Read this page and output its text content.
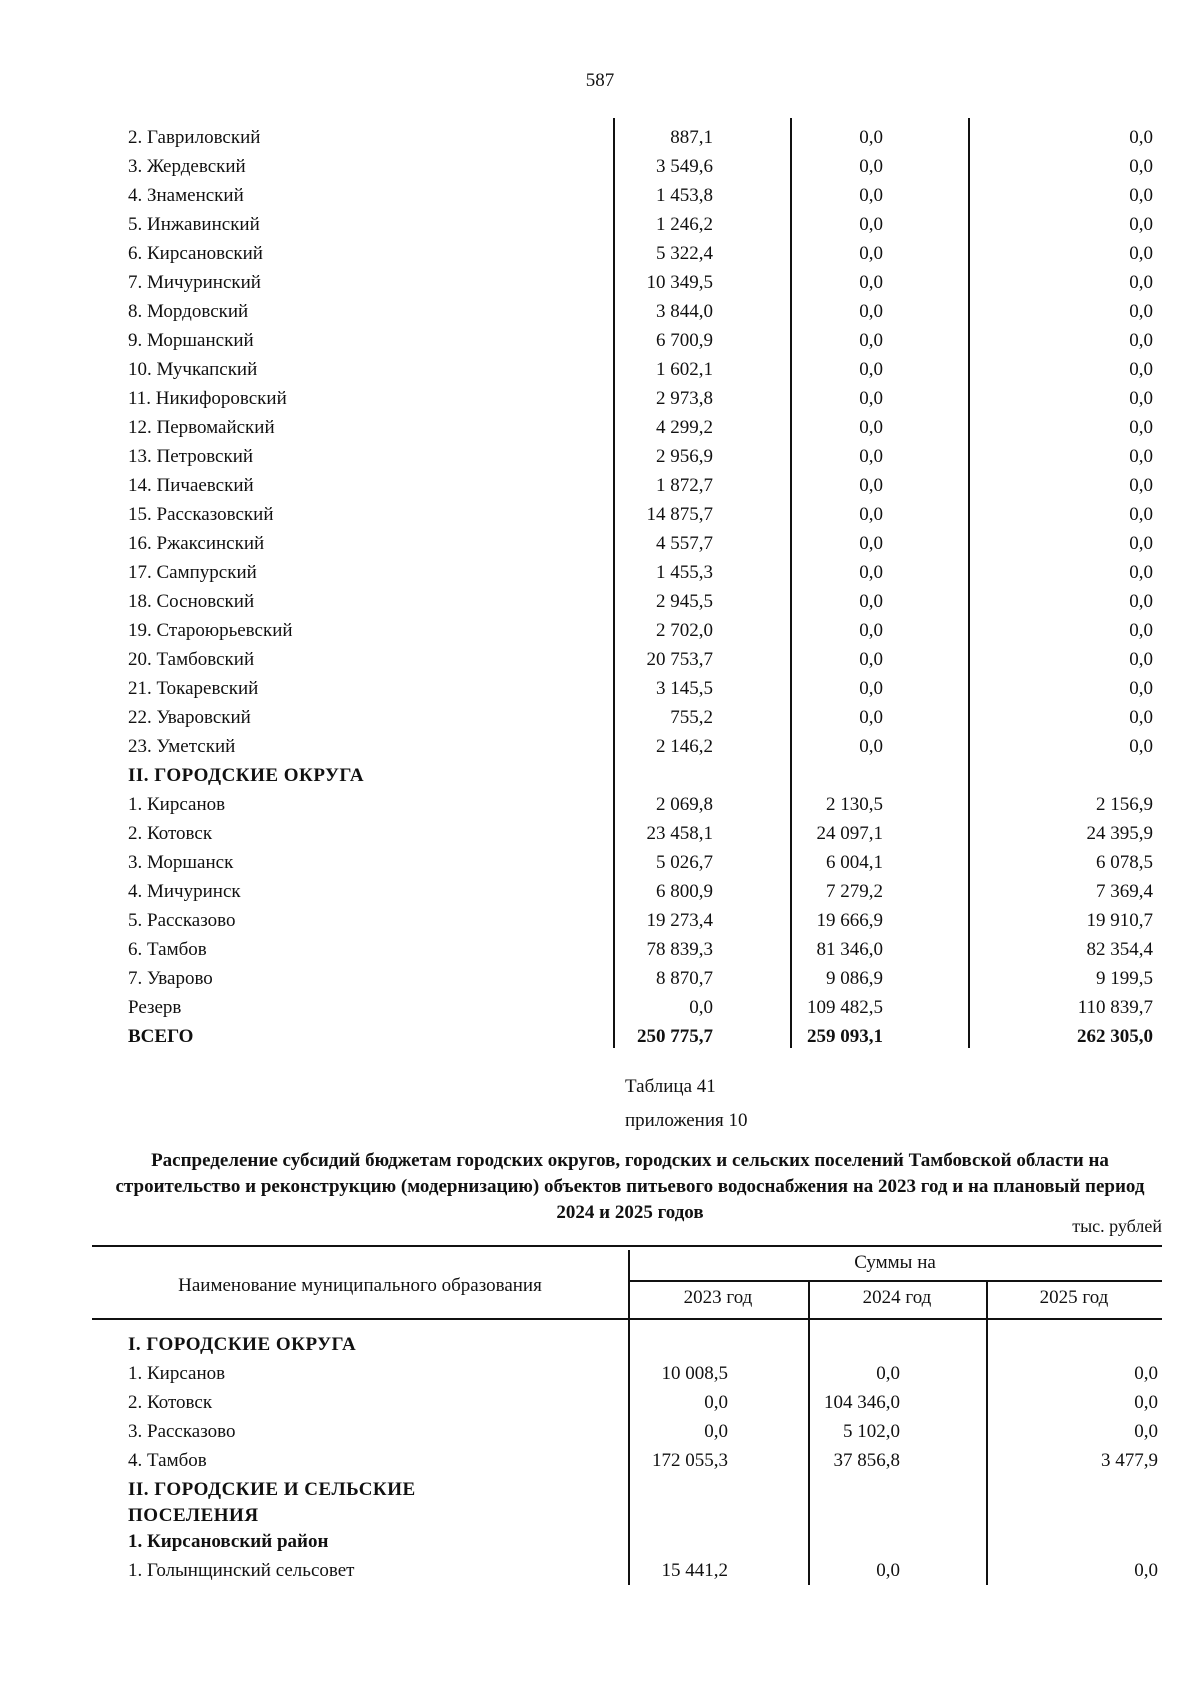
587
2. Гавриловский	887,1	0,0	0,0
3. Жердевский	3 549,6	0,0	0,0
4. Знаменский	1 453,8	0,0	0,0
5. Инжавинский	1 246,2	0,0	0,0
6. Кирсановский	5 322,4	0,0	0,0
7. Мичуринский	10 349,5	0,0	0,0
8. Мордовский	3 844,0	0,0	0,0
9. Моршанский	6 700,9	0,0	0,0
10. Мучкапский	1 602,1	0,0	0,0
11. Никифоровский	2 973,8	0,0	0,0
12. Первомайский	4 299,2	0,0	0,0
13. Петровский	2 956,9	0,0	0,0
14. Пичаевский	1 872,7	0,0	0,0
15. Рассказовский	14 875,7	0,0	0,0
16. Ржаксинский	4 557,7	0,0	0,0
17. Сампурский	1 455,3	0,0	0,0
18. Сосновский	2 945,5	0,0	0,0
19. Староюрьевский	2 702,0	0,0	0,0
20. Тамбовский	20 753,7	0,0	0,0
21. Токаревский	3 145,5	0,0	0,0
22. Уваровский	755,2	0,0	0,0
23. Уметский	2 146,2	0,0	0,0
II. ГОРОДСКИЕ ОКРУГА
1. Кирсанов	2 069,8	2 130,5	2 156,9
2. Котовск	23 458,1	24 097,1	24 395,9
3. Моршанск	5 026,7	6 004,1	6 078,5
4. Мичуринск	6 800,9	7 279,2	7 369,4
5. Рассказово	19 273,4	19 666,9	19 910,7
6. Тамбов	78 839,3	81 346,0	82 354,4
7. Уварово	8 870,7	9 086,9	9 199,5
Резерв	0,0	109 482,5	110 839,7
ВСЕГО	250 775,7	259 093,1	262 305,0
Таблица 41
приложения 10
Распределение субсидий бюджетам городских округов, городских и сельских поселений Тамбовской области на строительство и реконструкцию (модернизацию) объектов питьевого водоснабжения на 2023 год и на плановый период 2024 и 2025 годов
тыс. рублей
Наименование муниципального образования
Суммы на
2023 год	2024 год	2025 год
I. ГОРОДСКИЕ ОКРУГА
1. Кирсанов	10 008,5	0,0	0,0
2. Котовск	0,0	104 346,0	0,0
3. Рассказово	0,0	5 102,0	0,0
4. Тамбов	172 055,3	37 856,8	3 477,9
II. ГОРОДСКИЕ И СЕЛЬСКИЕ
ПОСЕЛЕНИЯ
1. Кирсановский район
1. Голынщинский сельсовет	15 441,2	0,0	0,0
